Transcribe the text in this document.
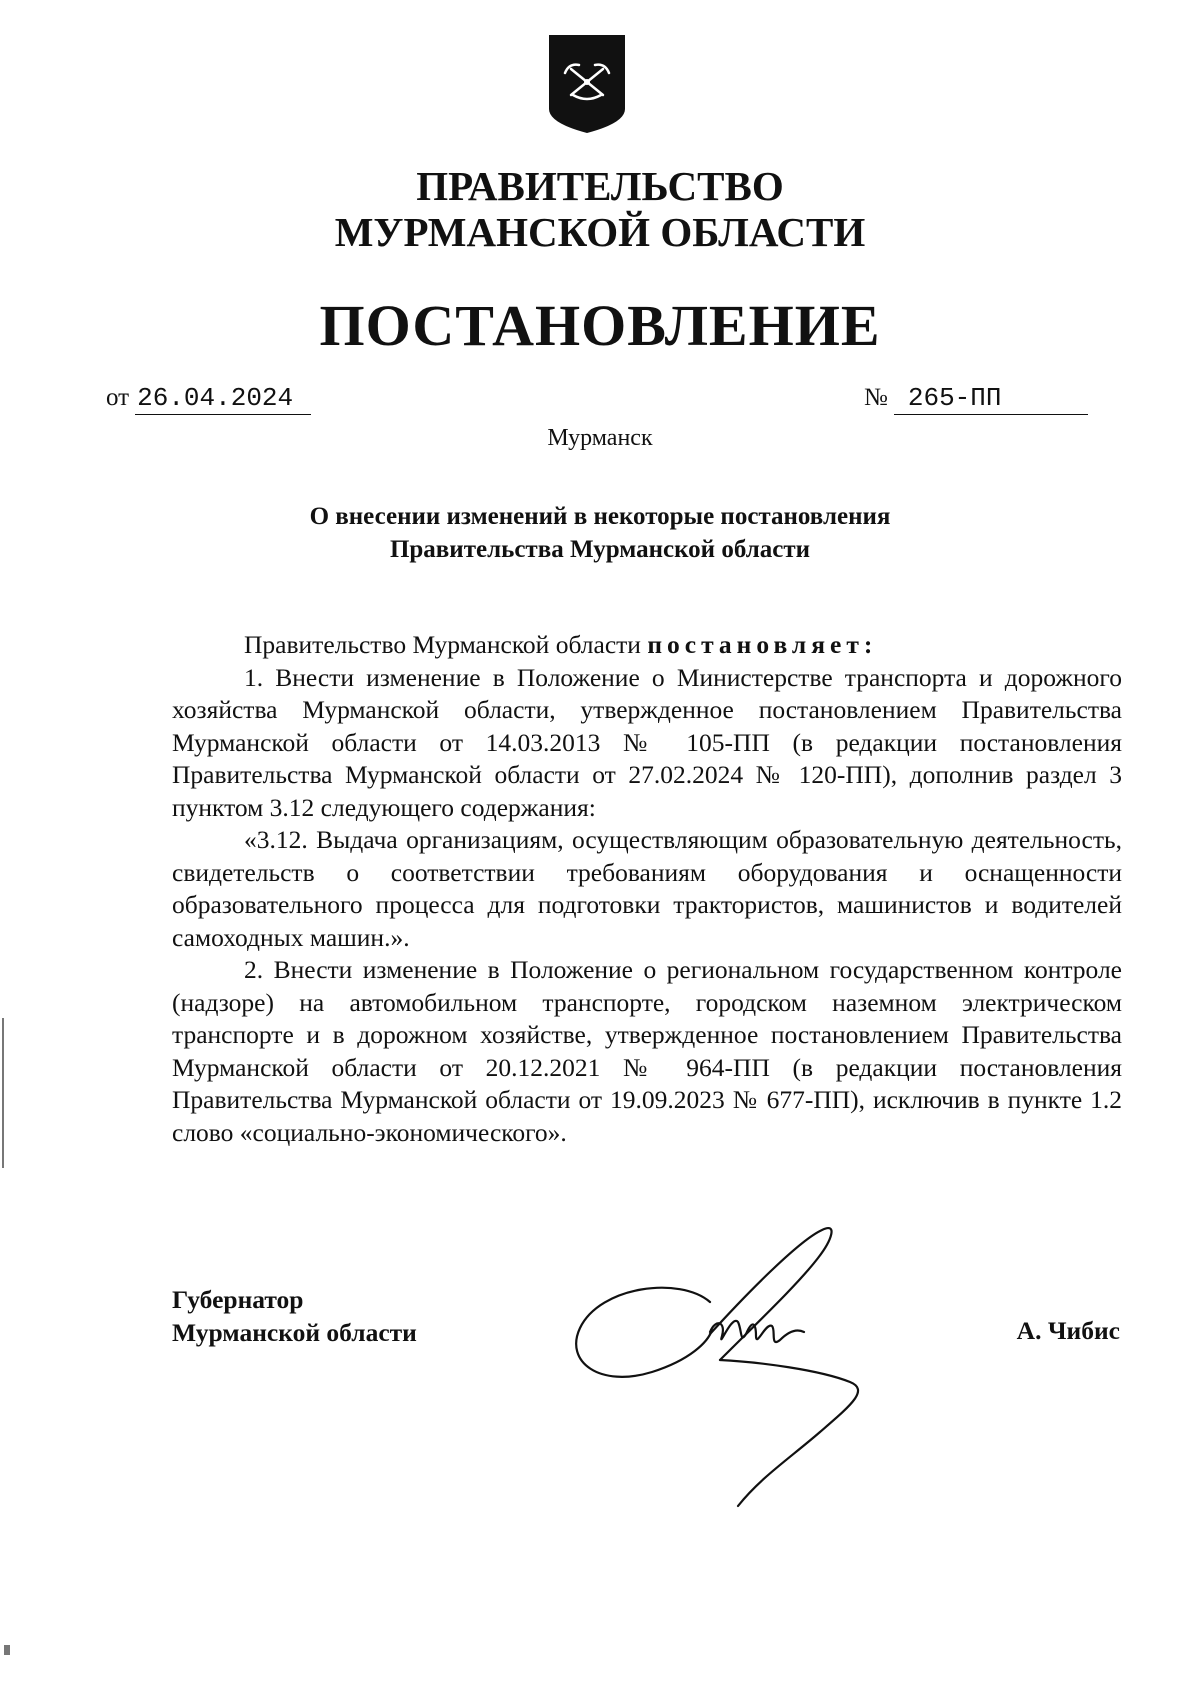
ПРАВИТЕЛЬСТВО
МУРМАНСКОЙ ОБЛАСТИ
ПОСТАНОВЛЕНИЕ
от 26.04.2024	№ 265-ПП
Мурманск
О внесении изменений в некоторые постановления
Правительства Мурманской области

Правительство Мурманской области постановляет:

1. Внести изменение в Положение о Министерстве транспорта и дорожного хозяйства Мурманской области, утвержденное постановлением Правительства Мурманской области от 14.03.2013 № 105-ПП (в редакции постановления Правительства Мурманской области от 27.02.2024 № 120-ПП), дополнив раздел 3 пунктом 3.12 следующего содержания:

«3.12. Выдача организациям, осуществляющим образовательную деятельность, свидетельств о соответствии требованиям оборудования и оснащенности образовательного процесса для подготовки трактористов, машинистов и водителей самоходных машин.».

2. Внести изменение в Положение о региональном государственном контроле (надзоре) на автомобильном транспорте, городском наземном электрическом транспорте и в дорожном хозяйстве, утвержденное постановлением Правительства Мурманской области от 20.12.2021 № 964-ПП (в редакции постановления Правительства Мурманской области от 19.09.2023 № 677-ПП), исключив в пункте 1.2 слово «социально-экономического».

Губернатор
Мурманской области	А. Чибис
